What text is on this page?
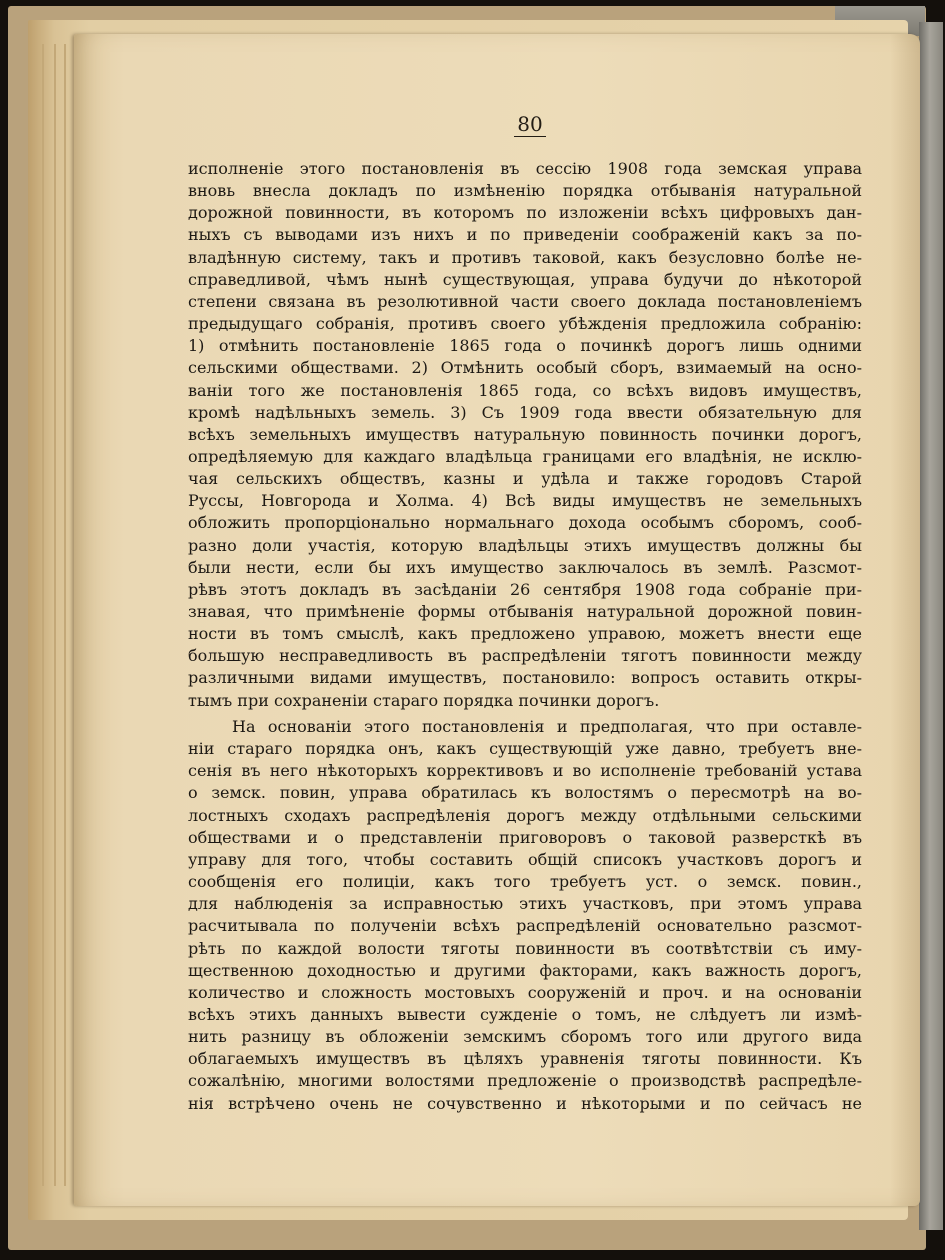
80
исполненіе этого постановленія въ сессію 1908 года земская управа
вновь внесла докладъ по измѣненію порядка отбыванія натуральной
дорожной повинности, въ которомъ по изложеніи всѣхъ цифровыхъ дан-
ныхъ съ выводами изъ нихъ и по приведеніи соображеній какъ за по-
владѣнную систему, такъ и противъ таковой, какъ безусловно болѣе не-
справедливой, чѣмъ нынѣ существующая, управа будучи до нѣкоторой
степени связана въ резолютивной части своего доклада постановленіемъ
предыдущаго собранія, противъ своего убѣжденія предложила собранію:
1) отмѣнить постановленіе 1865 года о починкѣ дорогъ лишь одними
сельскими обществами. 2) Отмѣнить особый сборъ, взимаемый на осно-
ваніи того же постановленія 1865 года, со всѣхъ видовъ имуществъ,
кромѣ надѣльныхъ земель. 3) Съ 1909 года ввести обязательную для
всѣхъ земельныхъ имуществъ натуральную повинность починки дорогъ,
опредѣляемую для каждаго владѣльца границами его владѣнія, не исклю-
чая сельскихъ обществъ, казны и удѣла и также городовъ Старой
Руссы, Новгорода и Холма. 4) Всѣ виды имуществъ не земельныхъ
обложить пропорціонально нормальнаго дохода особымъ сборомъ, сооб-
разно доли участія, которую владѣльцы этихъ имуществъ должны бы
были нести, если бы ихъ имущество заключалось въ землѣ. Разсмот-
рѣвъ этотъ докладъ въ засѣданіи 26 сентября 1908 года собраніе при-
знавая, что примѣненіе формы отбыванія натуральной дорожной повин-
ности въ томъ смыслѣ, какъ предложено управою, можетъ внести еще
большую несправедливость въ распредѣленіи тяготъ повинности между
различными видами имуществъ, постановило: вопросъ оставить откры-
тымъ при сохраненіи стараго порядка починки дорогъ.
На основаніи этого постановленія и предполагая, что при оставле-
ніи стараго порядка онъ, какъ существующій уже давно, требуетъ вне-
сенія въ него нѣкоторыхъ коррективовъ и во исполненіе требованій устава
о земск. повин, управа обратилась къ волостямъ о пересмотрѣ на во-
лостныхъ сходахъ распредѣленія дорогъ между отдѣльными сельскими
обществами и о представленіи приговоровъ о таковой разверсткѣ въ
управу для того, чтобы составить общій списокъ участковъ дорогъ и
сообщенія его полиціи, какъ того требуетъ уст. о земск. повин.,
для наблюденія за исправностью этихъ участковъ, при этомъ управа
расчитывала по полученіи всѣхъ распредѣленій основательно разсмот-
рѣть по каждой волости тяготы повинности въ соотвѣтствіи съ иму-
щественною доходностью и другими факторами, какъ важность дорогъ,
количество и сложность мостовыхъ сооруженій и проч. и на основаніи
всѣхъ этихъ данныхъ вывести сужденіе о томъ, не слѣдуетъ ли измѣ-
нить разницу въ обложеніи земскимъ сборомъ того или другого вида
облагаемыхъ имуществъ въ цѣляхъ уравненія тяготы повинности. Къ
сожалѣнію, многими волостями предложеніе о производствѣ распредѣле-
нія встрѣчено очень не сочувственно и нѣкоторыми и по сейчасъ не
